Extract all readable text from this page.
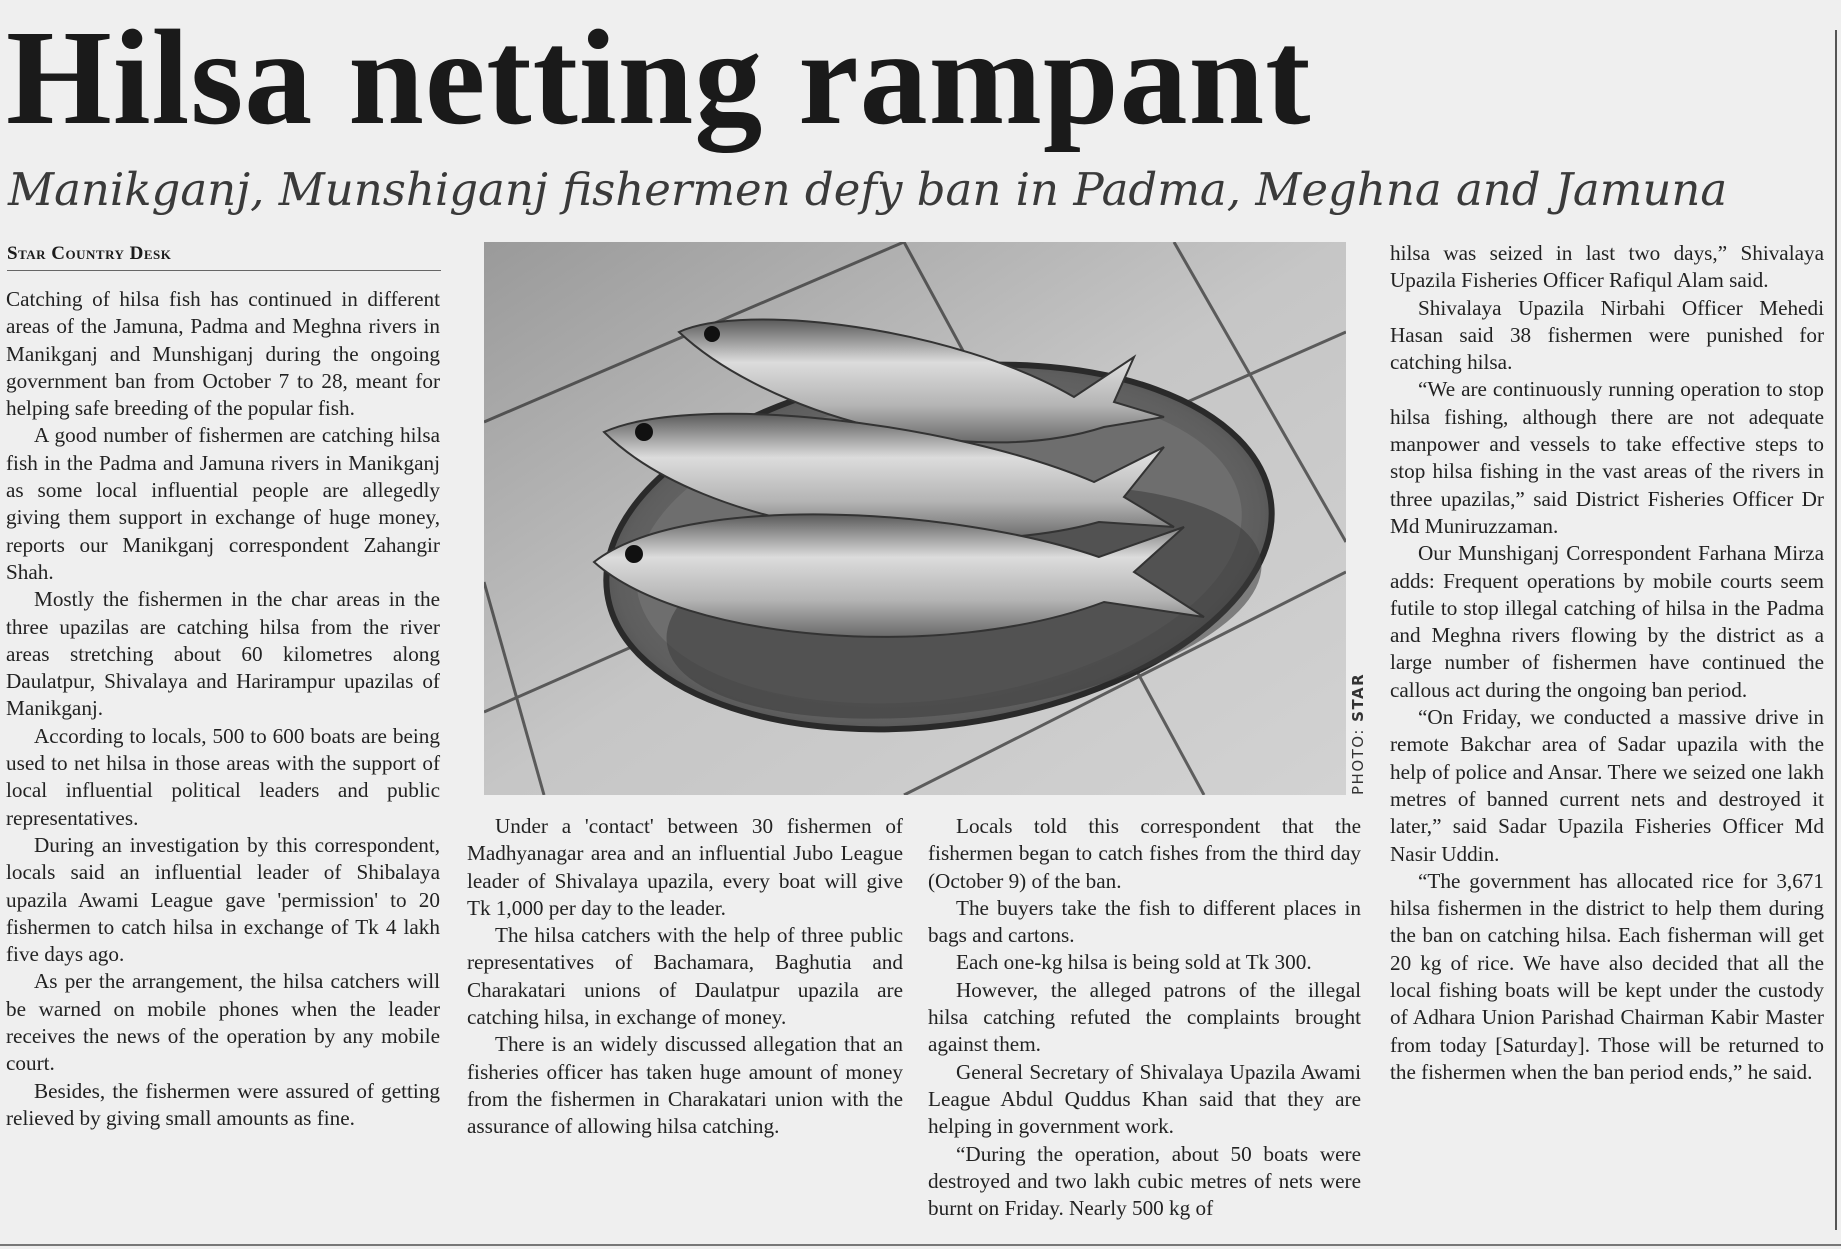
Hilsa netting rampant
Manikganj, Munshiganj fishermen defy ban in Padma, Meghna and Jamuna
Star Country Desk

Catching of hilsa fish has continued in different areas of the Jamuna, Padma and Meghna rivers in Manikganj and Munshiganj during the ongoing government ban from October 7 to 28, meant for helping safe breeding of the popular fish.

A good number of fishermen are catching hilsa fish in the Padma and Jamuna rivers in Manikganj as some local influential people are allegedly giving them support in exchange of huge money, reports our Manikganj correspondent Zahangir Shah.

Mostly the fishermen in the char areas in the three upazilas are catching hilsa from the river areas stretching about 60 kilometres along Daulatpur, Shivalaya and Harirampur upazilas of Manikganj.

According to locals, 500 to 600 boats are being used to net hilsa in those areas with the support of local influential political leaders and public representatives.

During an investigation by this correspondent, locals said an influential leader of Shibalaya upazila Awami League gave 'permission' to 20 fishermen to catch hilsa in exchange of Tk 4 lakh five days ago.

As per the arrangement, the hilsa catchers will be warned on mobile phones when the leader receives the news of the operation by any mobile court.

Besides, the fishermen were assured of getting relieved by giving small amounts as fine.

PHOTO: STAR

Under a 'contact' between 30 fishermen of Madhyanagar area and an influential Jubo League leader of Shivalaya upazila, every boat will give Tk 1,000 per day to the leader.

The hilsa catchers with the help of three public representatives of Bachamara, Baghutia and Charakatari unions of Daulatpur upazila are catching hilsa, in exchange of money.

There is an widely discussed allegation that an fisheries officer has taken huge amount of money from the fishermen in Charakatari union with the assurance of allowing hilsa catching.

Locals told this correspondent that the fishermen began to catch fishes from the third day (October 9) of the ban.

The buyers take the fish to different places in bags and cartons.

Each one-kg hilsa is being sold at Tk 300.

However, the alleged patrons of the illegal hilsa catching refuted the complaints brought against them.

General Secretary of Shivalaya Upazila Awami League Abdul Quddus Khan said that they are helping in government work.

“During the operation, about 50 boats were destroyed and two lakh cubic metres of nets were burnt on Friday. Nearly 500 kg of

hilsa was seized in last two days,” Shivalaya Upazila Fisheries Officer Rafiqul Alam said.

Shivalaya Upazila Nirbahi Officer Mehedi Hasan said 38 fishermen were punished for catching hilsa.

“We are continuously running operation to stop hilsa fishing, although there are not adequate manpower and vessels to take effective steps to stop hilsa fishing in the vast areas of the rivers in three upazilas,” said District Fisheries Officer Dr Md Muniruzzaman.

Our Munshiganj Correspondent Farhana Mirza adds: Frequent operations by mobile courts seem futile to stop illegal catching of hilsa in the Padma and Meghna rivers flowing by the district as a large number of fishermen have continued the callous act during the ongoing ban period.

“On Friday, we conducted a massive drive in remote Bakchar area of Sadar upazila with the help of police and Ansar. There we seized one lakh metres of banned current nets and destroyed it later,” said Sadar Upazila Fisheries Officer Md Nasir Uddin.

“The government has allocated rice for 3,671 hilsa fishermen in the district to help them during the ban on catching hilsa. Each fisherman will get 20 kg of rice. We have also decided that all the local fishing boats will be kept under the custody of Adhara Union Parishad Chairman Kabir Master from today [Saturday]. Those will be returned to the fishermen when the ban period ends,” he said.
